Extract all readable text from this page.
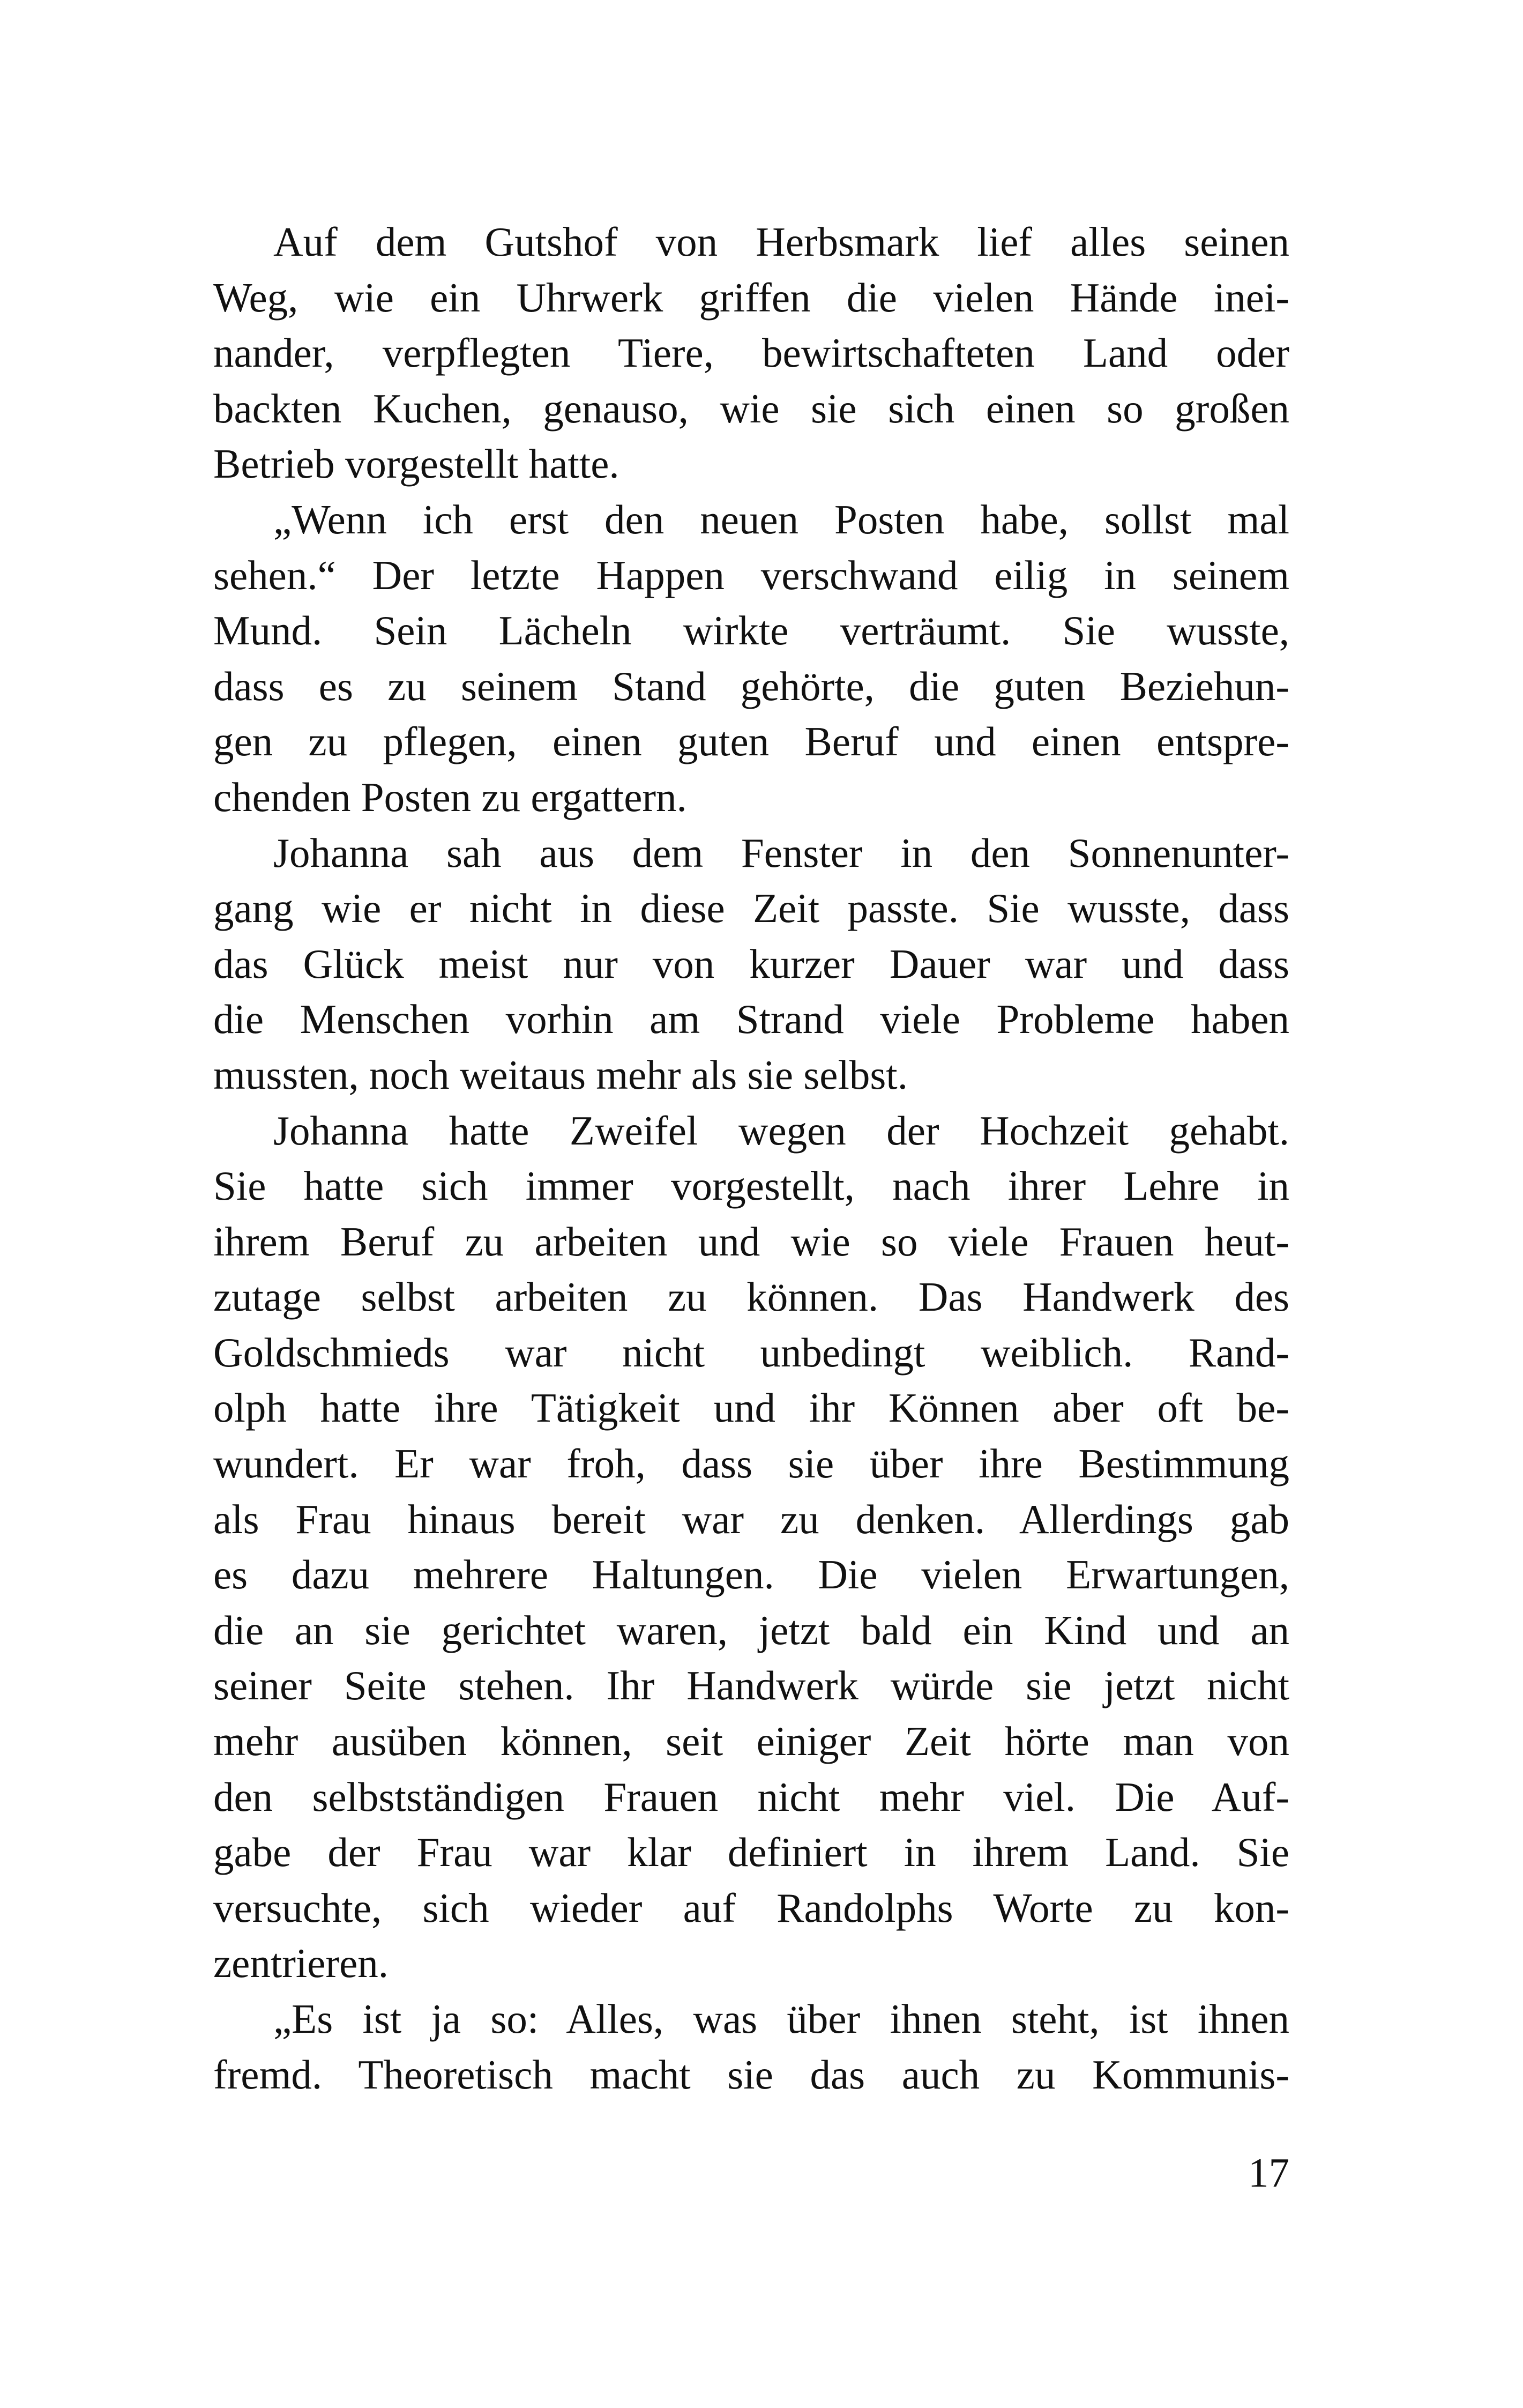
Auf dem Gutshof von Herbsmark lief alles seinen
Weg, wie ein Uhrwerk griffen die vielen Hände inei-
nander, verpflegten Tiere, bewirtschafteten Land oder
backten Kuchen, genauso, wie sie sich einen so großen
Betrieb vorgestellt hatte.
„Wenn ich erst den neuen Posten habe, sollst mal
sehen.“ Der letzte Happen verschwand eilig in seinem
Mund. Sein Lächeln wirkte verträumt. Sie wusste,
dass es zu seinem Stand gehörte, die guten Beziehun-
gen zu pflegen, einen guten Beruf und einen entspre-
chenden Posten zu ergattern.
Johanna sah aus dem Fenster in den Sonnenunter-
gang wie er nicht in diese Zeit passte. Sie wusste, dass
das Glück meist nur von kurzer Dauer war und dass
die Menschen vorhin am Strand viele Probleme haben
mussten, noch weitaus mehr als sie selbst.
Johanna hatte Zweifel wegen der Hochzeit gehabt.
Sie hatte sich immer vorgestellt, nach ihrer Lehre in
ihrem Beruf zu arbeiten und wie so viele Frauen heut-
zutage selbst arbeiten zu können. Das Handwerk des
Goldschmieds war nicht unbedingt weiblich. Rand-
olph hatte ihre Tätigkeit und ihr Können aber oft be-
wundert. Er war froh, dass sie über ihre Bestimmung
als Frau hinaus bereit war zu denken. Allerdings gab
es dazu mehrere Haltungen. Die vielen Erwartungen,
die an sie gerichtet waren, jetzt bald ein Kind und an
seiner Seite stehen. Ihr Handwerk würde sie jetzt nicht
mehr ausüben können, seit einiger Zeit hörte man von
den selbstständigen Frauen nicht mehr viel. Die Auf-
gabe der Frau war klar definiert in ihrem Land. Sie
versuchte, sich wieder auf Randolphs Worte zu kon-
zentrieren.
„Es ist ja so: Alles, was über ihnen steht, ist ihnen
fremd. Theoretisch macht sie das auch zu Kommunis-
17
